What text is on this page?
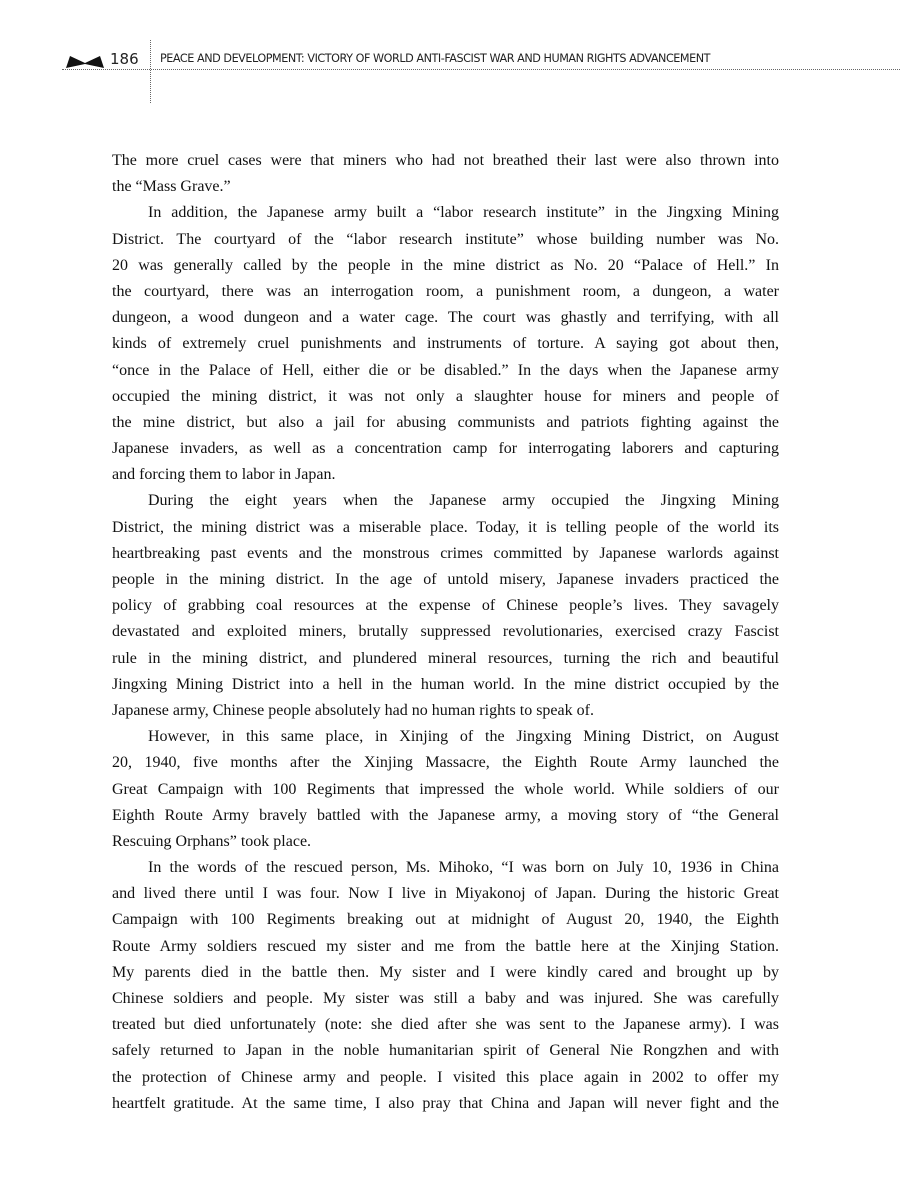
186 PEACE AND DEVELOPMENT: VICTORY OF WORLD ANTI-FASCIST WAR AND HUMAN RIGHTS ADVANCEMENT
The more cruel cases were that miners who had not breathed their last were also thrown into
the “Mass Grave.”
In addition, the Japanese army built a “labor research institute” in the Jingxing Mining
District. The courtyard of the “labor research institute” whose building number was No.
20 was generally called by the people in the mine district as No. 20 “Palace of Hell.” In
the courtyard, there was an interrogation room, a punishment room, a dungeon, a water
dungeon, a wood dungeon and a water cage. The court was ghastly and terrifying, with all
kinds of extremely cruel punishments and instruments of torture. A saying got about then,
“once in the Palace of Hell, either die or be disabled.” In the days when the Japanese army
occupied the mining district, it was not only a slaughter house for miners and people of
the mine district, but also a jail for abusing communists and patriots fighting against the
Japanese invaders, as well as a concentration camp for interrogating laborers and capturing
and forcing them to labor in Japan.
During the eight years when the Japanese army occupied the Jingxing Mining
District, the mining district was a miserable place. Today, it is telling people of the world its
heartbreaking past events and the monstrous crimes committed by Japanese warlords against
people in the mining district. In the age of untold misery, Japanese invaders practiced the
policy of grabbing coal resources at the expense of Chinese people’s lives. They savagely
devastated and exploited miners, brutally suppressed revolutionaries, exercised crazy Fascist
rule in the mining district, and plundered mineral resources, turning the rich and beautiful
Jingxing Mining District into a hell in the human world. In the mine district occupied by the
Japanese army, Chinese people absolutely had no human rights to speak of.
However, in this same place, in Xinjing of the Jingxing Mining District, on August
20, 1940, five months after the Xinjing Massacre, the Eighth Route Army launched the
Great Campaign with 100 Regiments that impressed the whole world. While soldiers of our
Eighth Route Army bravely battled with the Japanese army, a moving story of “the General
Rescuing Orphans” took place.
In the words of the rescued person, Ms. Mihoko, “I was born on July 10, 1936 in China
and lived there until I was four. Now I live in Miyakonoj of Japan. During the historic Great
Campaign with 100 Regiments breaking out at midnight of August 20, 1940, the Eighth
Route Army soldiers rescued my sister and me from the battle here at the Xinjing Station.
My parents died in the battle then. My sister and I were kindly cared and brought up by
Chinese soldiers and people. My sister was still a baby and was injured. She was carefully
treated but died unfortunately (note: she died after she was sent to the Japanese army). I was
safely returned to Japan in the noble humanitarian spirit of General Nie Rongzhen and with
the protection of Chinese army and people. I visited this place again in 2002 to offer my
heartfelt gratitude. At the same time, I also pray that China and Japan will never fight and the
